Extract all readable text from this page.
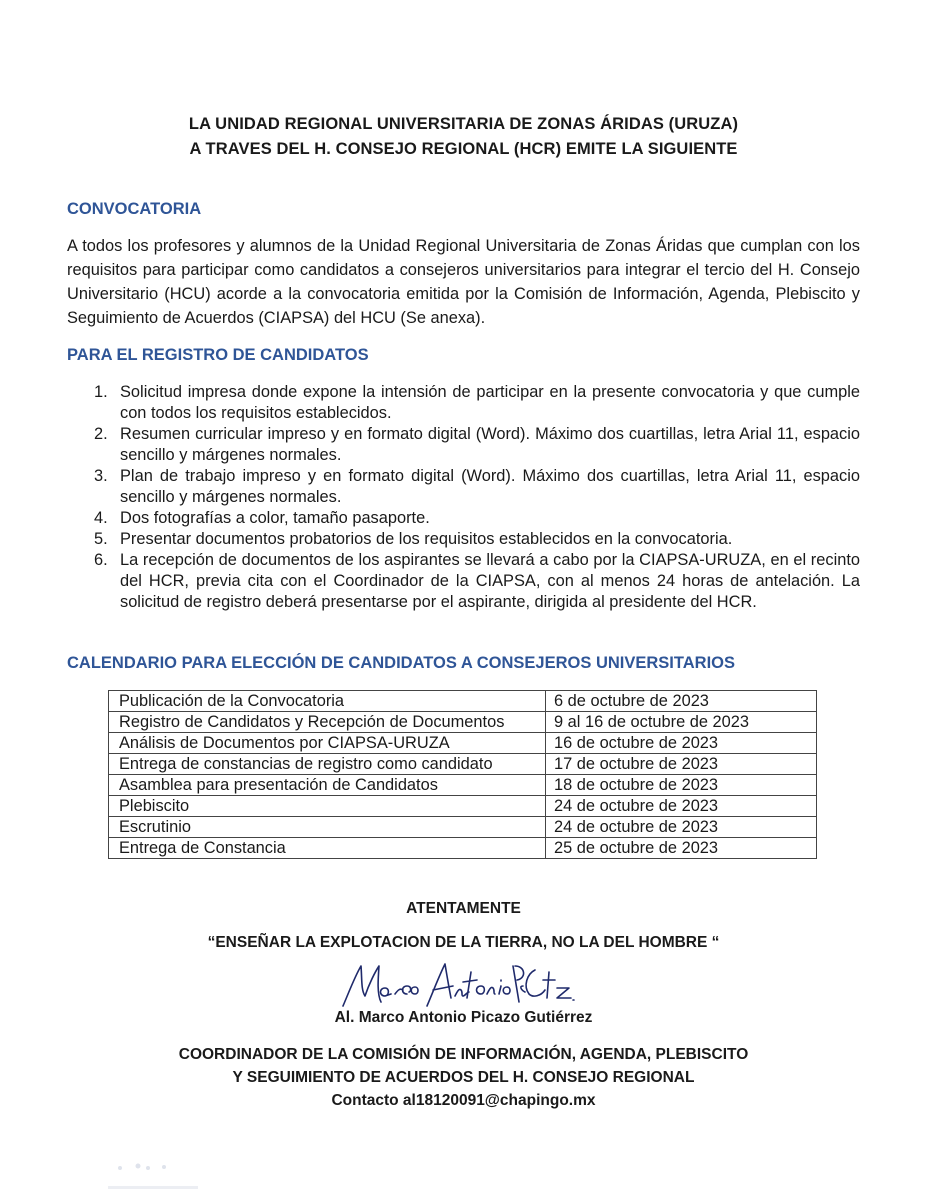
LA UNIDAD REGIONAL UNIVERSITARIA DE ZONAS ÁRIDAS (URUZA)
A TRAVES DEL H. CONSEJO REGIONAL (HCR) EMITE LA SIGUIENTE
CONVOCATORIA
A todos los profesores y alumnos de la Unidad Regional Universitaria de Zonas Áridas que cumplan con los requisitos para participar como candidatos a consejeros universitarios para integrar el tercio del H. Consejo Universitario (HCU) acorde a la convocatoria emitida por la Comisión de Información, Agenda, Plebiscito y Seguimiento de Acuerdos (CIAPSA) del HCU (Se anexa).
PARA EL REGISTRO DE CANDIDATOS
1. Solicitud impresa donde expone la intensión de participar en la presente convocatoria y que cumple con todos los requisitos establecidos.
2. Resumen curricular impreso y en formato digital (Word). Máximo dos cuartillas, letra Arial 11, espacio sencillo y márgenes normales.
3. Plan de trabajo impreso y en formato digital (Word). Máximo dos cuartillas, letra Arial 11, espacio sencillo y márgenes normales.
4. Dos fotografías a color, tamaño pasaporte.
5. Presentar documentos probatorios de los requisitos establecidos en la convocatoria.
6. La recepción de documentos de los aspirantes se llevará a cabo por la CIAPSA-URUZA, en el recinto del HCR, previa cita con el Coordinador de la CIAPSA, con al menos 24 horas de antelación. La solicitud de registro deberá presentarse por el aspirante, dirigida al presidente del HCR.
CALENDARIO PARA ELECCIÓN DE CANDIDATOS A CONSEJEROS UNIVERSITARIOS
Publicación de la Convocatoria	6 de octubre de 2023
Registro de Candidatos y Recepción de Documentos	9 al 16 de octubre de 2023
Análisis de Documentos por CIAPSA-URUZA	16 de octubre de 2023
Entrega de constancias de registro como candidato	17 de octubre de 2023
Asamblea para presentación de Candidatos	18 de octubre de 2023
Plebiscito	24 de octubre de 2023
Escrutinio	24 de octubre de 2023
Entrega de Constancia	25 de octubre de 2023
ATENTAMENTE
“ENSEÑAR LA EXPLOTACION DE LA TIERRA, NO LA DEL HOMBRE “
Al. Marco Antonio Picazo Gutiérrez
COORDINADOR DE LA COMISIÓN DE INFORMACIÓN, AGENDA, PLEBISCITO
Y SEGUIMIENTO DE ACUERDOS DEL H. CONSEJO REGIONAL
Contacto al18120091@chapingo.mx
